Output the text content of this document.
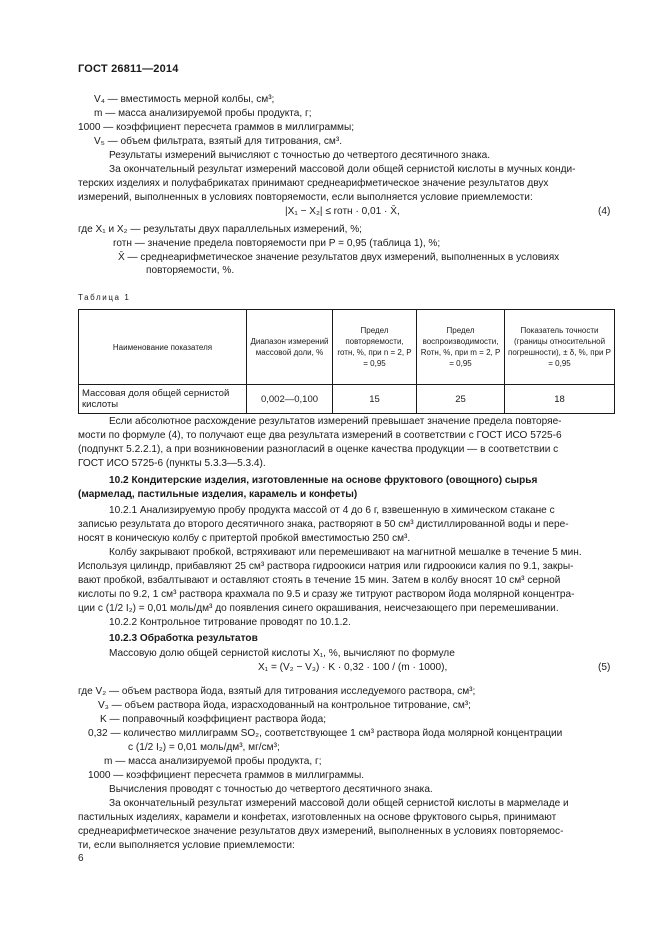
ГОСТ 26811—2014
V₄ — вместимость мерной колбы, см³;
m — масса анализируемой пробы продукта, г;
1000 — коэффициент пересчета граммов в миллиграммы;
V₅ — объем фильтрата, взятый для титрования, см³.
Результаты измерений вычисляют с точностью до четвертого десятичного знака.
За окончательный результат измерений массовой доли общей сернистой кислоты в мучных конди-
терских изделиях и полуфабрикатах принимают среднеарифметическое значение результатов двух
измерений, выполненных в условиях повторяемости, если выполняется условие приемлемости:
|X₁ − X₂| ≤ rотн · 0,01 · X̄,	(4)
где X₁ и X₂ — результаты двух параллельных измерений, %;
rотн — значение предела повторяемости при P = 0,95 (таблица 1), %;
X̄ — среднеарифметическое значение результатов двух измерений, выполненных в условиях
повторяемости, %.
Таблица 1
Наименование показателя	Диапазон измерений массовой доли, %	Предел повторяемости, rотн, %, при n = 2, P = 0,95	Предел воспроизводимости, Rотн, %, при m = 2, P = 0,95	Показатель точности (границы относительной погрешности), ± δ, %, при P = 0,95
Массовая доля общей сернистой кислоты	0,002—0,100	15	25	18
Если абсолютное расхождение результатов измерений превышает значение предела повторяе-
мости по формуле (4), то получают еще два результата измерений в соответствии с ГОСТ ИСО 5725-6
(подпункт 5.2.2.1), а при возникновении разногласий в оценке качества продукции — в соответствии с
ГОСТ ИСО 5725-6 (пункты 5.3.3—5.3.4).
10.2 Кондитерские изделия, изготовленные на основе фруктового (овощного) сырья
(мармелад, пастильные изделия, карамель и конфеты)
10.2.1 Анализируемую пробу продукта массой от 4 до 6 г, взвешенную в химическом стакане с
записью результата до второго десятичного знака, растворяют в 50 см³ дистиллированной воды и пере-
носят в коническую колбу с притертой пробкой вместимостью 250 см³.
Колбу закрывают пробкой, встряхивают или перемешивают на магнитной мешалке в течение 5 мин.
Используя цилиндр, прибавляют 25 см³ раствора гидроокиси натрия или гидроокиси калия по 9.1, закры-
вают пробкой, взбалтывают и оставляют стоять в течение 15 мин. Затем в колбу вносят 10 см³ серной
кислоты по 9.2, 1 см³ раствора крахмала по 9.5 и сразу же титруют раствором йода молярной концентра-
ции c (1/2 I₂) = 0,01 моль/дм³ до появления синего окрашивания, неисчезающего при перемешивании.
10.2.2 Контрольное титрование проводят по 10.1.2.
10.2.3 Обработка результатов
Массовую долю общей сернистой кислоты X₁, %, вычисляют по формуле
X₁ = (V₂ − V₃) · K · 0,32 · 100 / (m · 1000),	(5)
где V₂ — объем раствора йода, взятый для титрования исследуемого раствора, см³;
V₃ — объем раствора йода, израсходованный на контрольное титрование, см³;
K — поправочный коэффициент раствора йода;
0,32 — количество миллиграмм SO₂, соответствующее 1 см³ раствора йода молярной концентрации
c (1/2 I₂) = 0,01 моль/дм³, мг/см³;
m — масса анализируемой пробы продукта, г;
1000 — коэффициент пересчета граммов в миллиграммы.
Вычисления проводят с точностью до четвертого десятичного знака.
За окончательный результат измерений массовой доли общей сернистой кислоты в мармеладе и
пастильных изделиях, карамели и конфетах, изготовленных на основе фруктового сырья, принимают
среднеарифметическое значение результатов двух измерений, выполненных в условиях повторяемос-
ти, если выполняется условие приемлемости:
6
